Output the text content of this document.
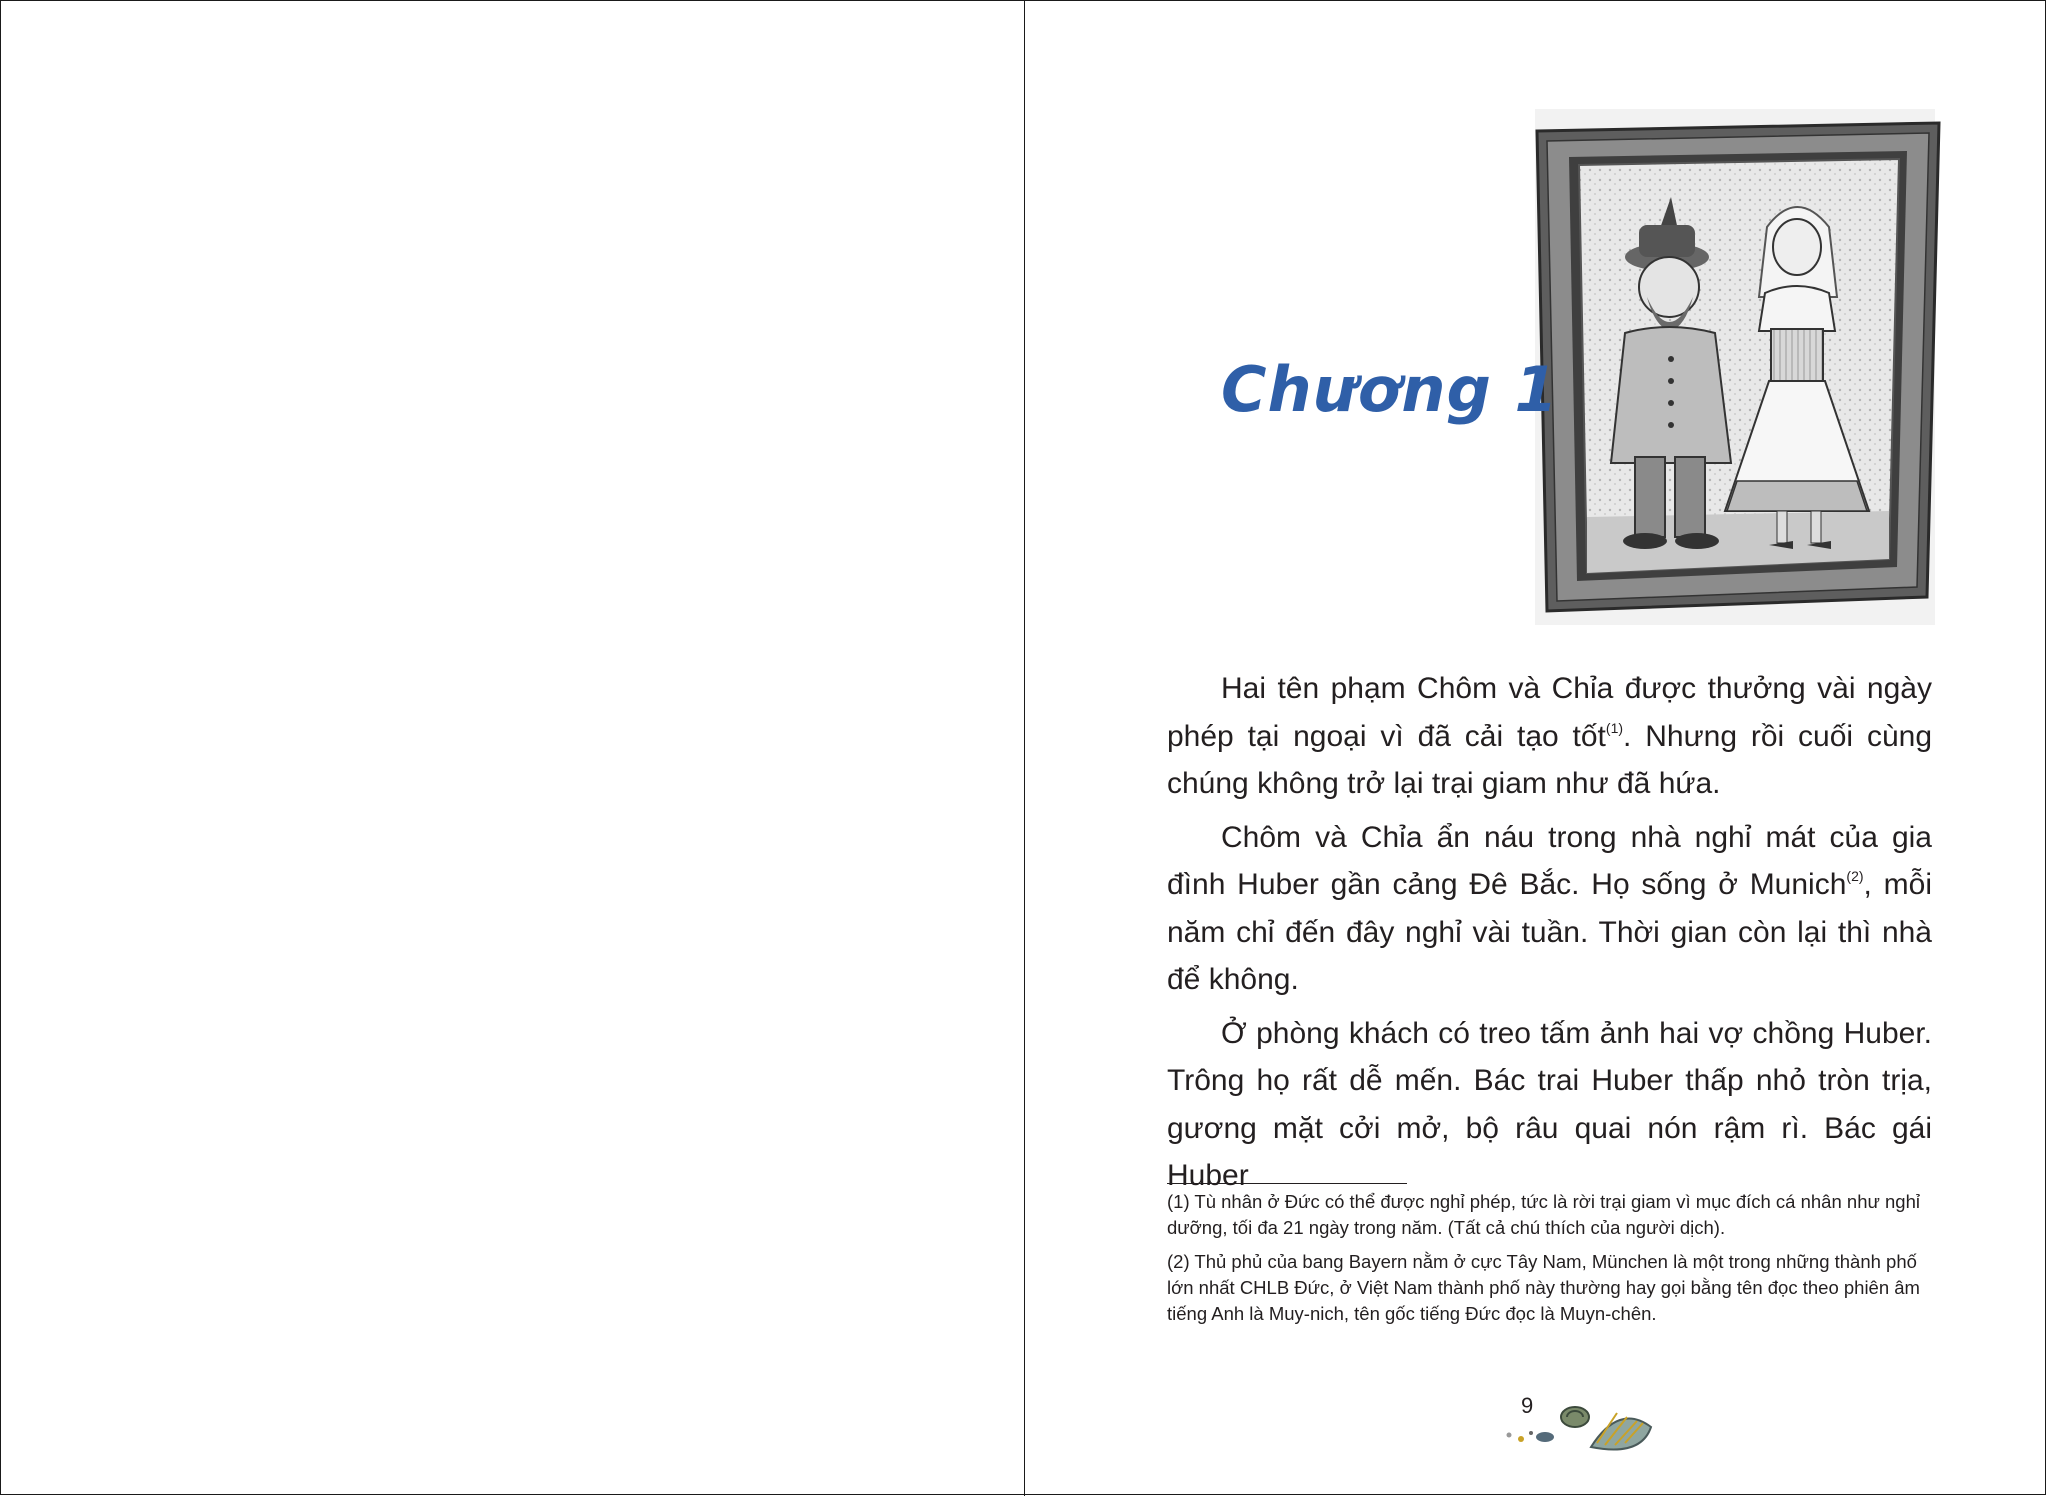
Chương 1

Hai tên phạm Chôm và Chỉa được thưởng vài ngày phép tại ngoại vì đã cải tạo tốt$^{(1)}$. Nhưng rồi cuối cùng chúng không trở lại trại giam như đã hứa.

Chôm và Chỉa ẩn náu trong nhà nghỉ mát của gia đình Huber gần cảng Đê Bắc. Họ sống ở Munich$^{(2)}$, mỗi năm chỉ đến đây nghỉ vài tuần. Thời gian còn lại thì nhà để không.

Ở phòng khách có treo tấm ảnh hai vợ chồng Huber. Trông họ rất dễ mến. Bác trai Huber thấp nhỏ tròn trịa, gương mặt cởi mở, bộ râu quai nón rậm rì. Bác gái Huber

(1) Tù nhân ở Đức có thể được nghỉ phép, tức là rời trại giam vì mục đích cá nhân như nghỉ dưỡng, tối đa 21 ngày trong năm. (Tất cả chú thích của người dịch).

(2) Thủ phủ của bang Bayern nằm ở cực Tây Nam, München là một trong những thành phố lớn nhất CHLB Đức, ở Việt Nam thành phố này thường hay gọi bằng tên đọc theo phiên âm tiếng Anh là Muy-nich, tên gốc tiếng Đức đọc là Muyn-chên.

9
